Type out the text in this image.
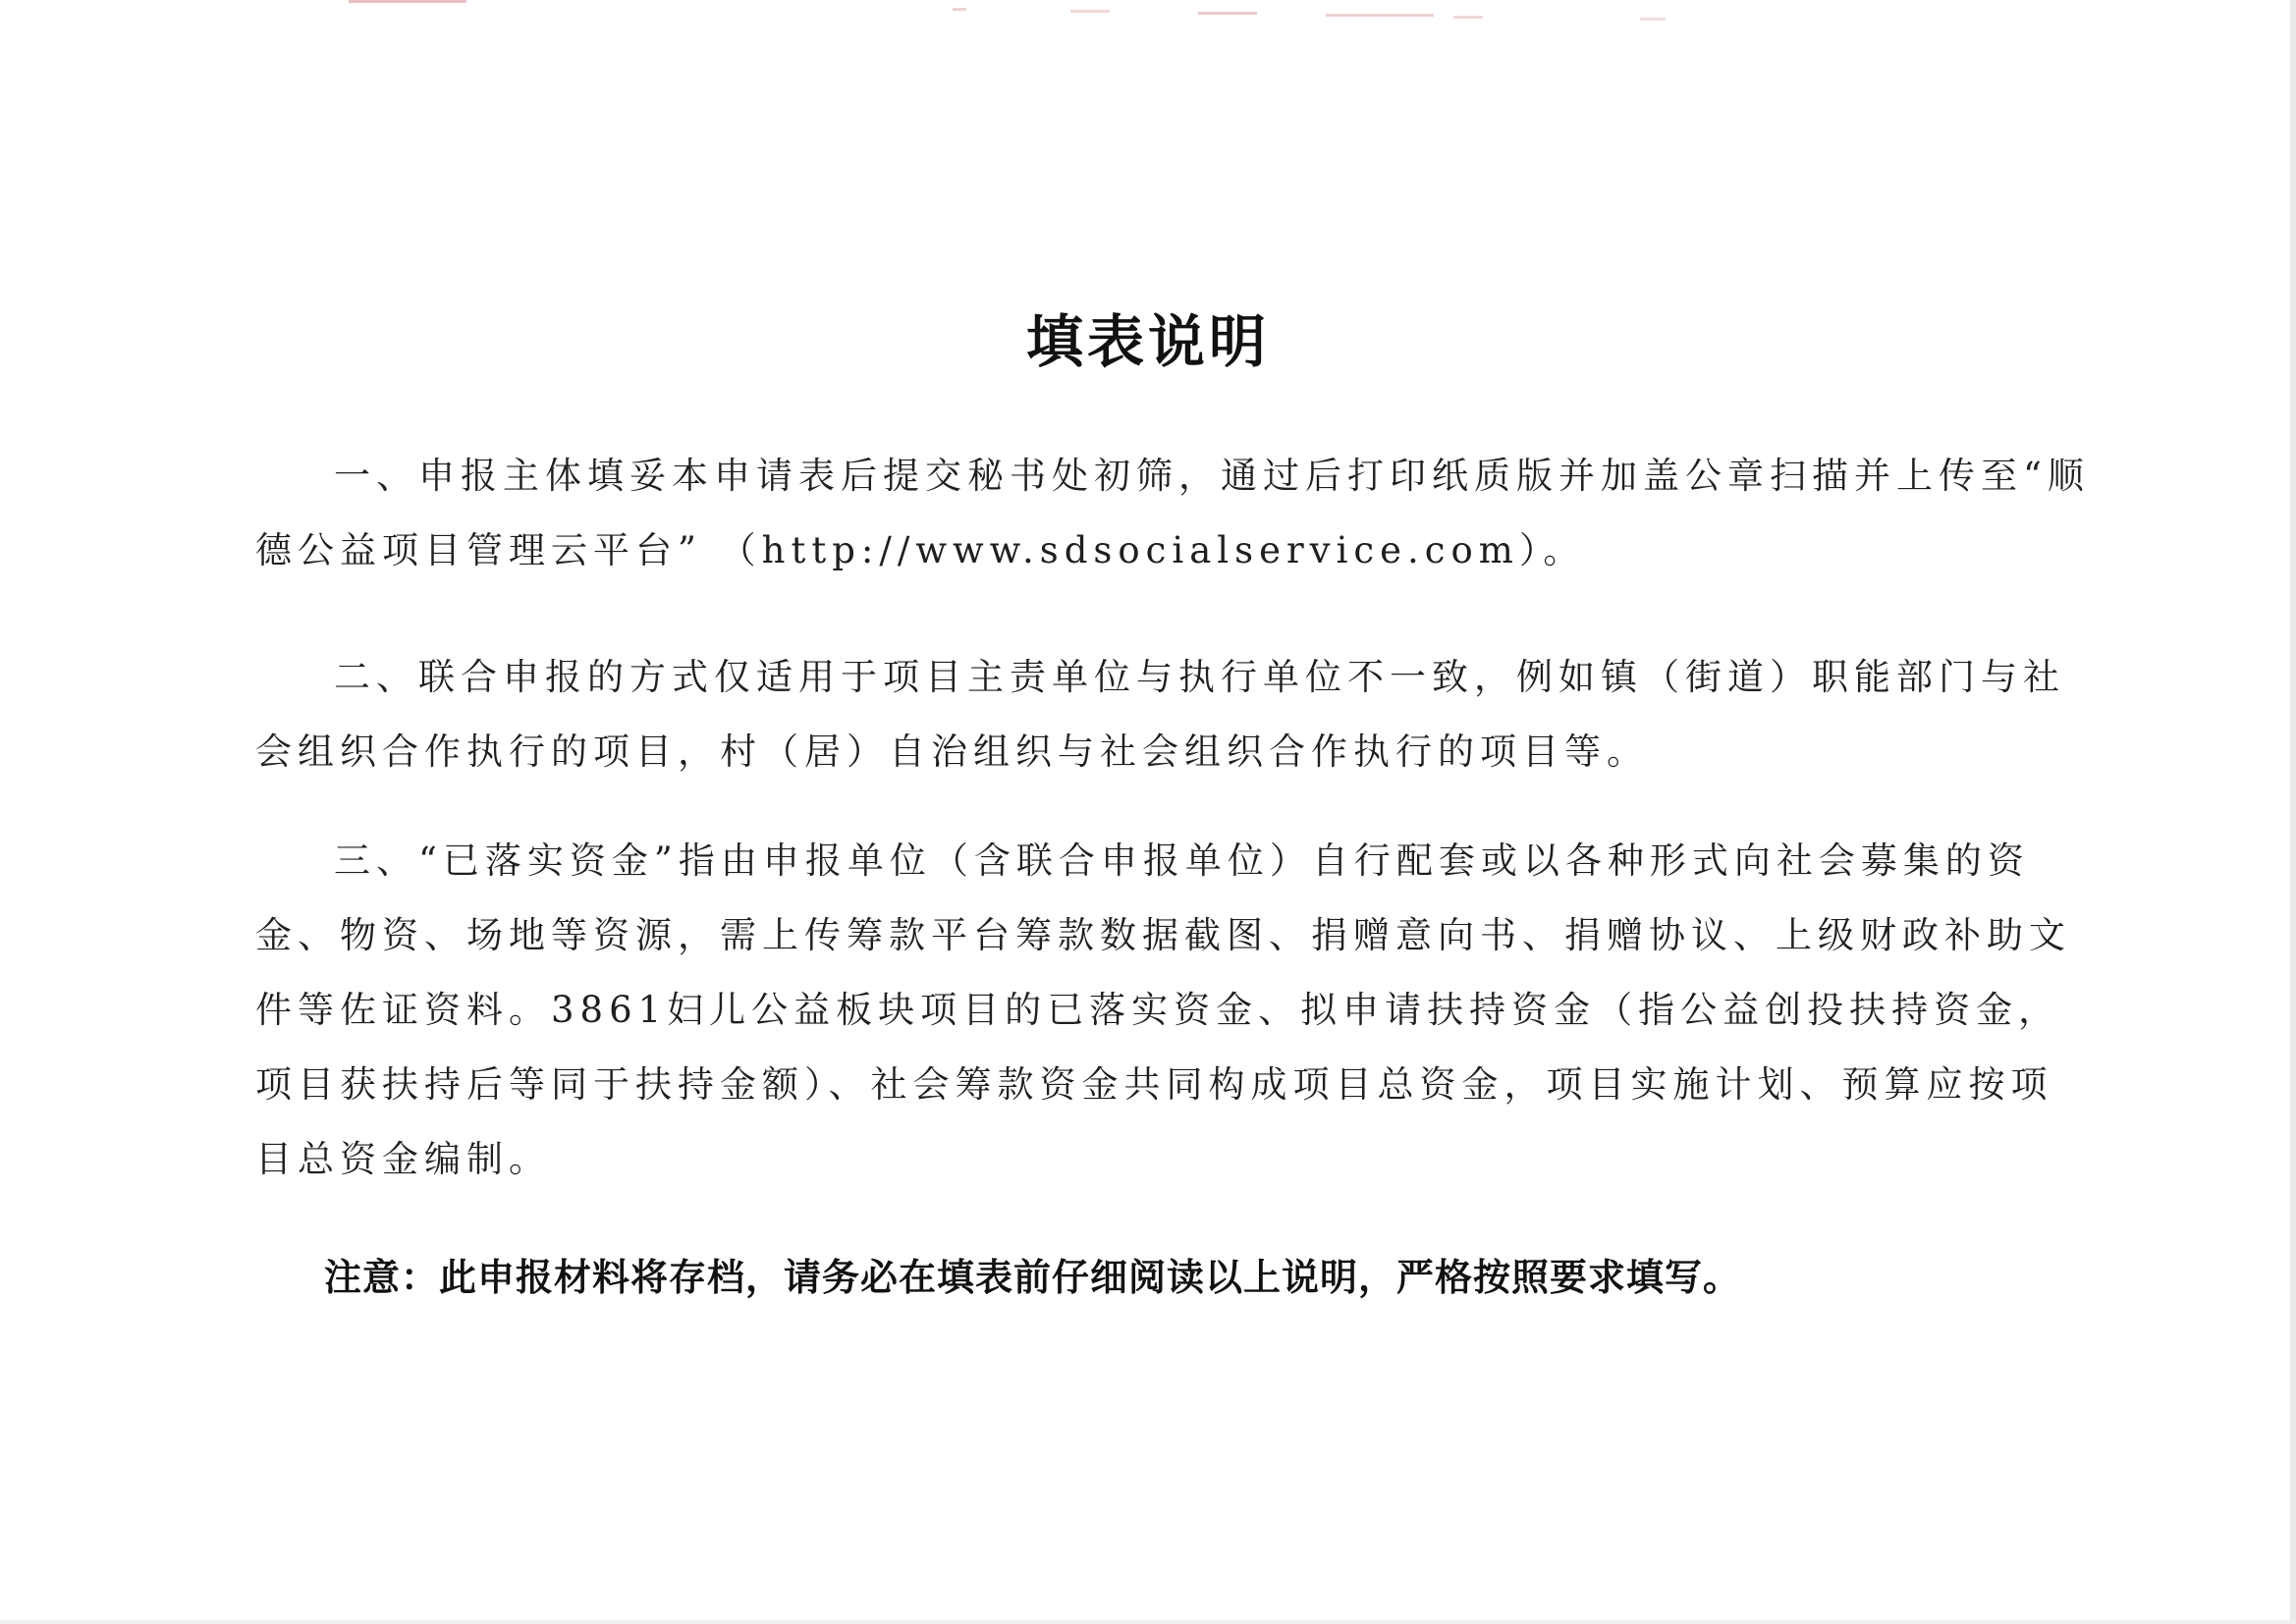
填表说明

一、申报主体填妥本申请表后提交秘书处初筛，通过后打印纸质版并加盖公章扫描并上传至“顺德公益项目管理云平台” （http://www.sdsocialservice.com）。

二、联合申报的方式仅适用于项目主责单位与执行单位不一致，例如镇（街道）职能部门与社会组织合作执行的项目，村（居）自治组织与社会组织合作执行的项目等。

三、“已落实资金”指由申报单位（含联合申报单位）自行配套或以各种形式向社会募集的资金、物资、场地等资源，需上传筹款平台筹款数据截图、捐赠意向书、捐赠协议、上级财政补助文件等佐证资料。3861妇儿公益板块项目的已落实资金、拟申请扶持资金（指公益创投扶持资金，项目获扶持后等同于扶持金额）、社会筹款资金共同构成项目总资金，项目实施计划、预算应按项目总资金编制。

注意：此申报材料将存档，请务必在填表前仔细阅读以上说明，严格按照要求填写。
